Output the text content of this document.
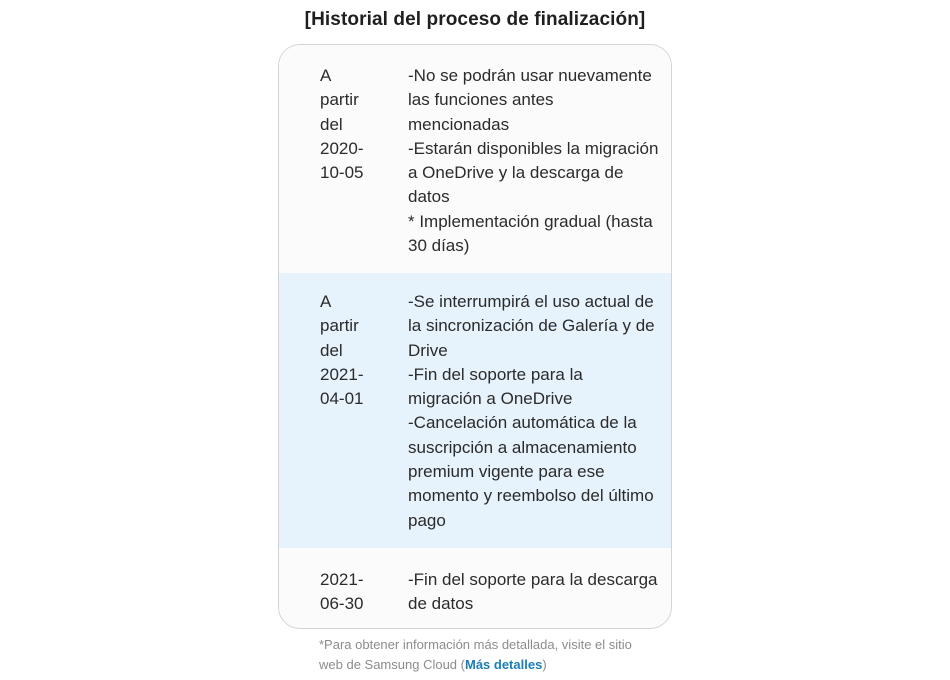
[Historial del proceso de finalización]
A
partir
del
2020-
10-05
-No se podrán usar nuevamente
las funciones antes
mencionadas
-Estarán disponibles la migración
a OneDrive y la descarga de
datos
* Implementación gradual (hasta
30 días)
A
partir
del
2021-
04-01
-Se interrumpirá el uso actual de
la sincronización de Galería y de
Drive
-Fin del soporte para la
migración a OneDrive
-Cancelación automática de la
suscripción a almacenamiento
premium vigente para ese
momento y reembolso del último
pago
2021-
06-30
-Fin del soporte para la descarga
de datos
*Para obtener información más detallada, visite el sitio web de Samsung Cloud (Más detalles)
